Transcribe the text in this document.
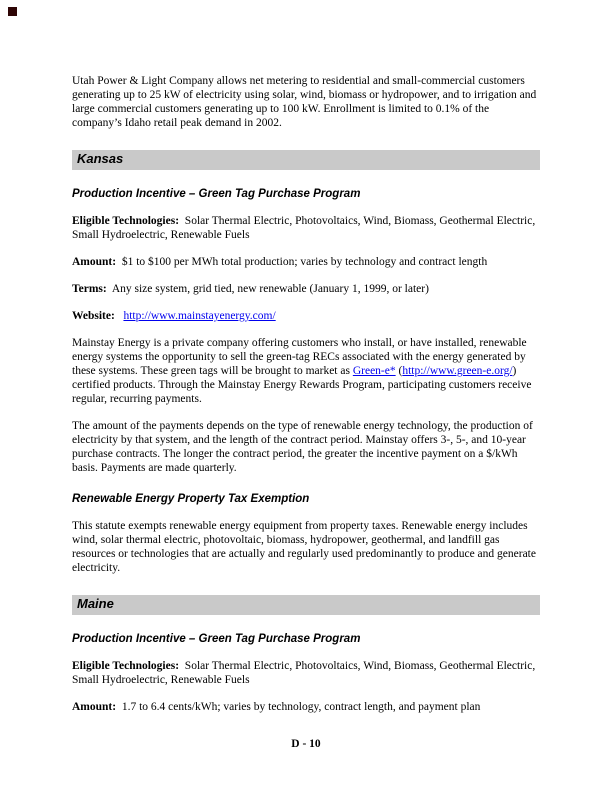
Utah Power & Light Company allows net metering to residential and small-commercial customers generating up to 25 kW of electricity using solar, wind, biomass or hydropower, and to irrigation and large commercial customers generating up to 100 kW. Enrollment is limited to 0.1% of the company’s Idaho retail peak demand in 2002.
Kansas
Production Incentive – Green Tag Purchase Program
Eligible Technologies:  Solar Thermal Electric, Photovoltaics, Wind, Biomass, Geothermal Electric, Small Hydroelectric, Renewable Fuels
Amount:  $1 to $100 per MWh total production; varies by technology and contract length
Terms:  Any size system, grid tied, new renewable (January 1, 1999, or later)
Website: http://www.mainstayenergy.com/
Mainstay Energy is a private company offering customers who install, or have installed, renewable energy systems the opportunity to sell the green-tag RECs associated with the energy generated by these systems. These green tags will be brought to market as Green-e* (http://www.green-e.org/) certified products. Through the Mainstay Energy Rewards Program, participating customers receive regular, recurring payments.
The amount of the payments depends on the type of renewable energy technology, the production of electricity by that system, and the length of the contract period. Mainstay offers 3-, 5-, and 10-year purchase contracts. The longer the contract period, the greater the incentive payment on a $/kWh basis. Payments are made quarterly.
Renewable Energy Property Tax Exemption
This statute exempts renewable energy equipment from property taxes. Renewable energy includes wind, solar thermal electric, photovoltaic, biomass, hydropower, geothermal, and landfill gas resources or technologies that are actually and regularly used predominantly to produce and generate electricity.
Maine
Production Incentive – Green Tag Purchase Program
Eligible Technologies:  Solar Thermal Electric, Photovoltaics, Wind, Biomass, Geothermal Electric, Small Hydroelectric, Renewable Fuels
Amount:  1.7 to 6.4 cents/kWh; varies by technology, contract length, and payment plan
D - 10
